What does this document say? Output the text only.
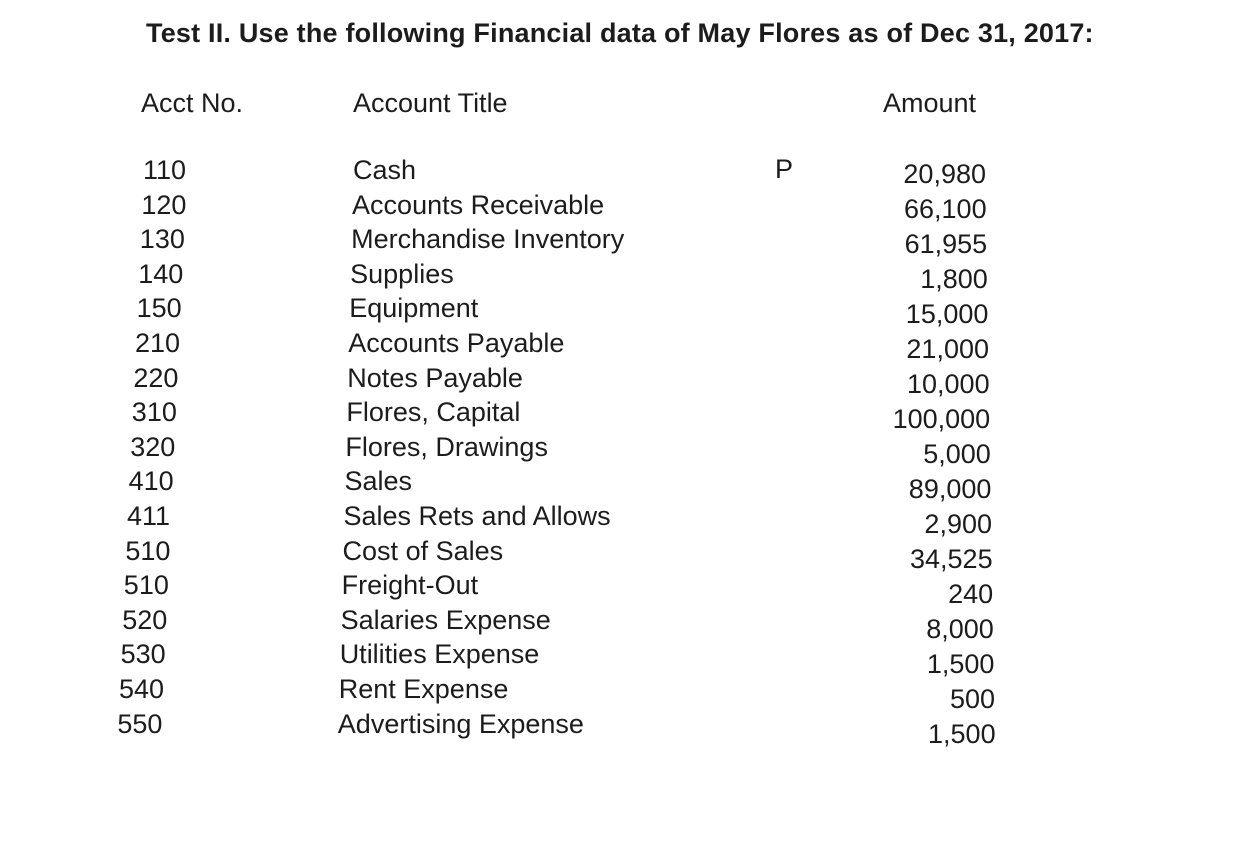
Test II. Use the following Financial data of May Flores as of Dec 31, 2017:
Acct No.	Account Title	Amount
P
110	Cash	20,980
120	Accounts Receivable	66,100
130	Merchandise Inventory	61,955
140	Supplies	1,800
150	Equipment	15,000
210	Accounts Payable	21,000
220	Notes Payable	10,000
310	Flores, Capital	100,000
320	Flores, Drawings	5,000
410	Sales	89,000
411	Sales Rets and Allows	2,900
510	Cost of Sales	34,525
510	Freight-Out	240
520	Salaries Expense	8,000
530	Utilities Expense	1,500
540	Rent Expense	500
550	Advertising Expense	1,500
